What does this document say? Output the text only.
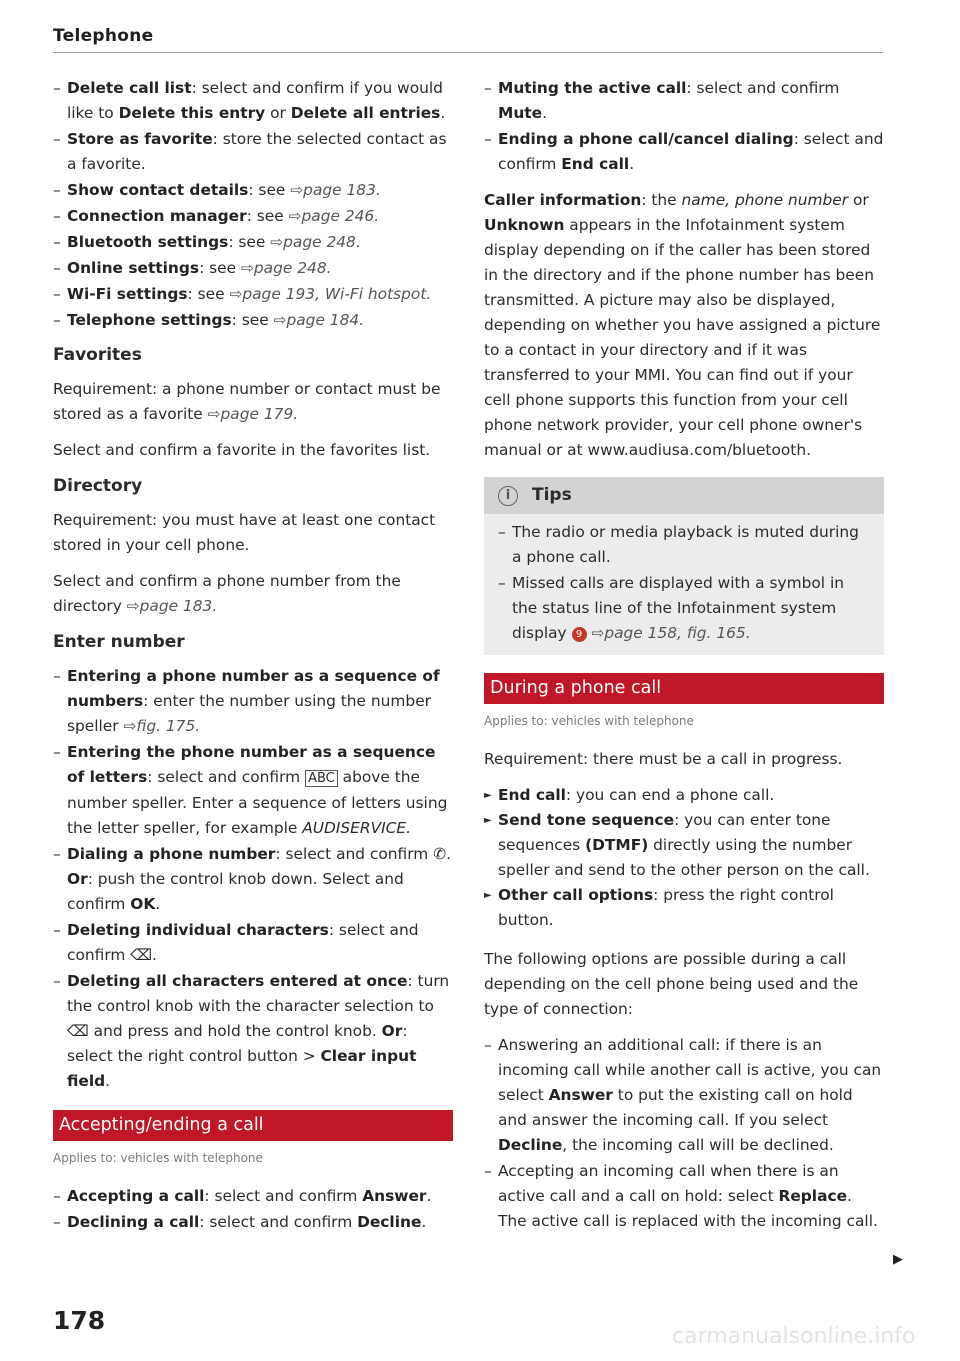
Telephone
– Delete call list: select and confirm if you would like to Delete this entry or Delete all entries.
– Store as favorite: store the selected contact as a favorite.
– Show contact details: see ⇨page 183.
– Connection manager: see ⇨page 246.
– Bluetooth settings: see ⇨page 248.
– Online settings: see ⇨page 248.
– Wi-Fi settings: see ⇨page 193, Wi-Fi hotspot.
– Telephone settings: see ⇨page 184.
Favorites
Requirement: a phone number or contact must be stored as a favorite ⇨page 179.
Select and confirm a favorite in the favorites list.
Directory
Requirement: you must have at least one contact stored in your cell phone.
Select and confirm a phone number from the directory ⇨page 183.
Enter number
– Entering a phone number as a sequence of numbers: enter the number using the number speller ⇨fig. 175.
– Entering the phone number as a sequence of letters: select and confirm ABC above the number speller. Enter a sequence of letters using the letter speller, for example AUDISERVICE.
– Dialing a phone number: select and confirm ✆. Or: push the control knob down. Select and confirm OK.
– Deleting individual characters: select and confirm ⌫.
– Deleting all characters entered at once: turn the control knob with the character selection to ⌫ and press and hold the control knob. Or: select the right control button > Clear input field.
Accepting/ending a call
Applies to: vehicles with telephone
– Accepting a call: select and confirm Answer.
– Declining a call: select and confirm Decline.
– Muting the active call: select and confirm Mute.
– Ending a phone call/cancel dialing: select and confirm End call.
Caller information: the name, phone number or Unknown appears in the Infotainment system display depending on if the caller has been stored in the directory and if the phone number has been transmitted. A picture may also be displayed, depending on whether you have assigned a picture to a contact in your directory and if it was transferred to your MMI. You can find out if your cell phone supports this function from your cell phone network provider, your cell phone owner's manual or at www.audiusa.com/bluetooth.
i	Tips
– The radio or media playback is muted during a phone call.
– Missed calls are displayed with a symbol in the status line of the Infotainment system display 9 ⇨page 158, fig. 165.
During a phone call
Applies to: vehicles with telephone
Requirement: there must be a call in progress.
► End call: you can end a phone call.
► Send tone sequence: you can enter tone sequences (DTMF) directly using the number speller and send to the other person on the call.
► Other call options: press the right control button.
The following options are possible during a call depending on the cell phone being used and the type of connection:
– Answering an additional call: if there is an incoming call while another call is active, you can select Answer to put the existing call on hold and answer the incoming call. If you select Decline, the incoming call will be declined.
– Accepting an incoming call when there is an active call and a call on hold: select Replace. The active call is replaced with the incoming call.
▶
178
carmanualsonline.info
